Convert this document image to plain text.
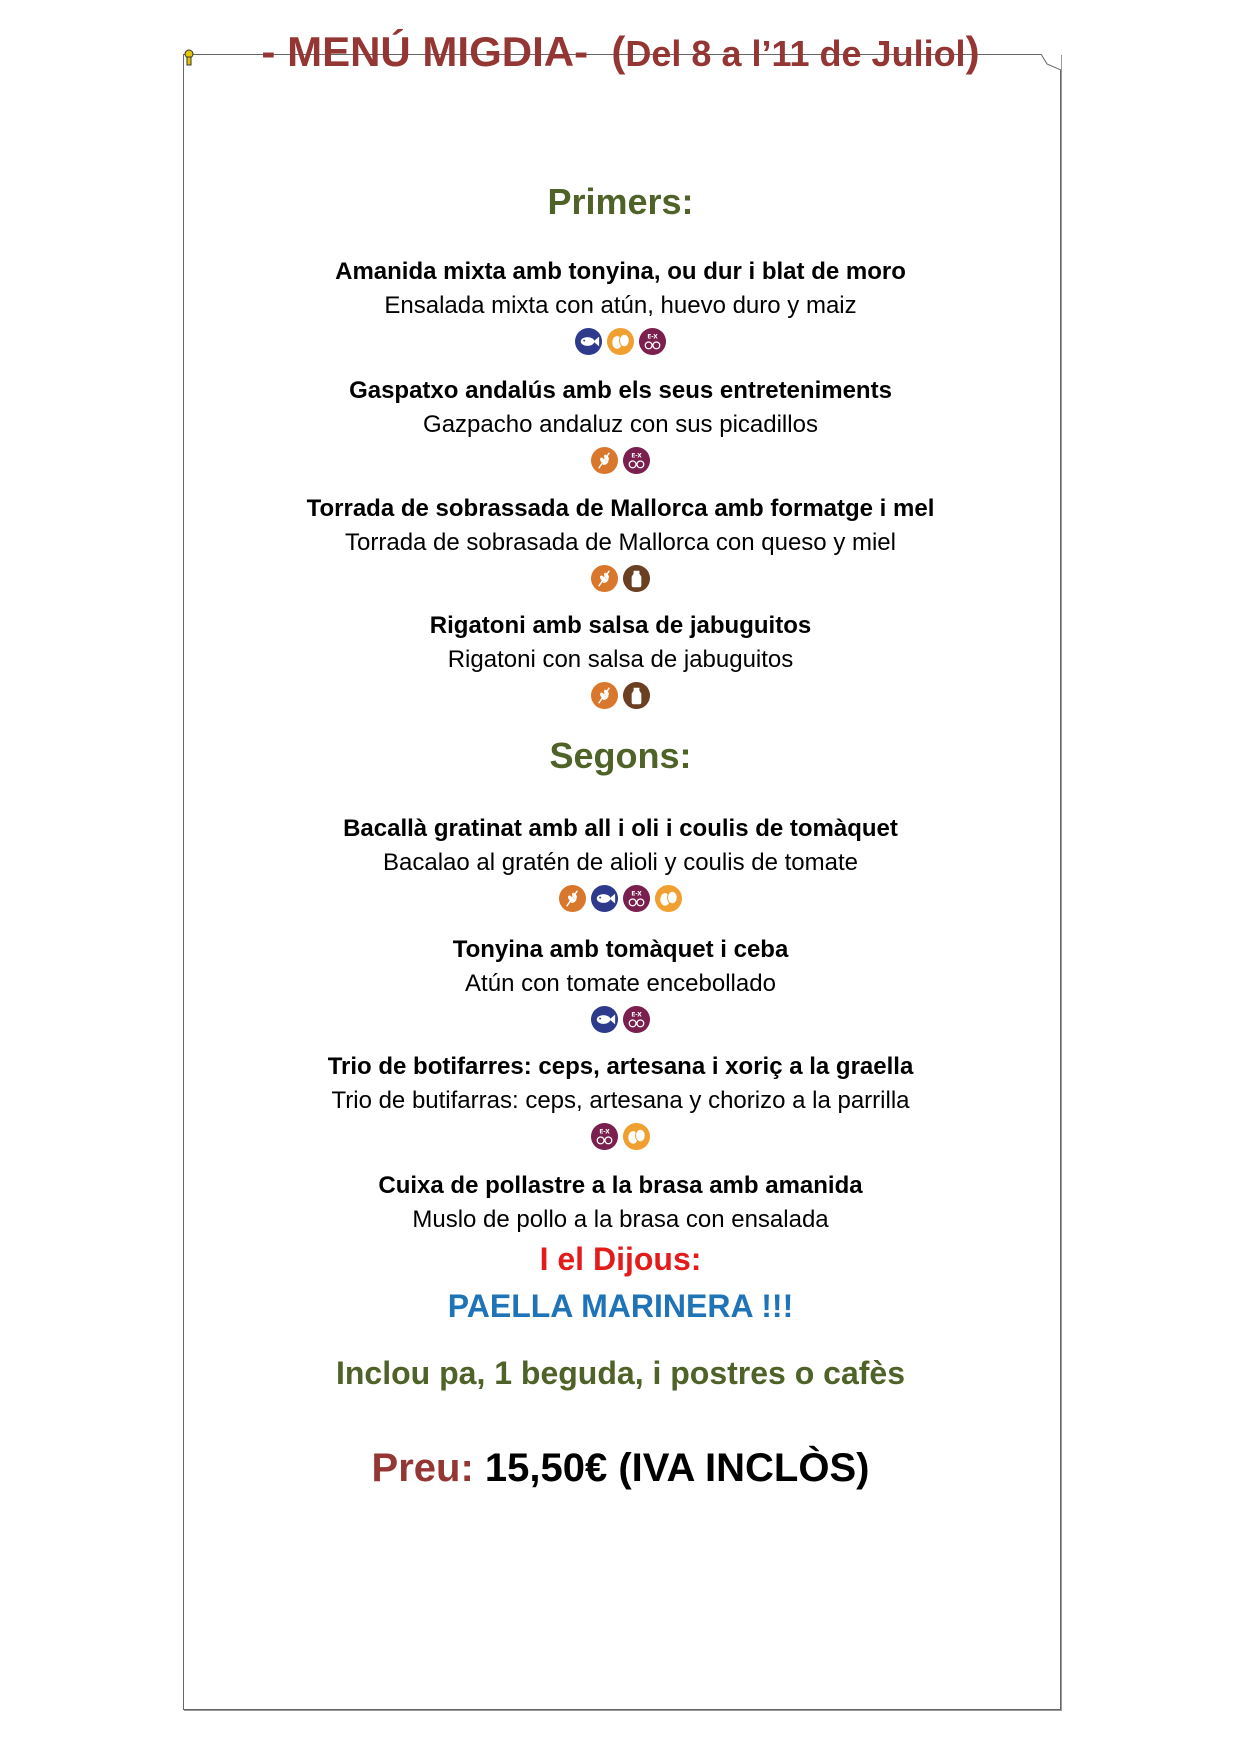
- MENÚ MIGDIA- (Del 8 a l’11 de Juliol)
Primers:
Amanida mixta amb tonyina, ou dur i blat de moro
Ensalada mixta con atún, huevo duro y maiz
E-X
Gaspatxo andalús amb els seus entreteniments
Gazpacho andaluz con sus picadillos
E-X
Torrada de sobrassada de Mallorca amb formatge i mel
Torrada de sobrasada de Mallorca con queso y miel
Rigatoni amb salsa de jabuguitos
Rigatoni con salsa de jabuguitos
Segons:
Bacallà gratinat amb all i oli i coulis de tomàquet
Bacalao al gratén de alioli y coulis de tomate
E-X
Tonyina amb tomàquet i ceba
Atún con tomate encebollado
E-X
Trio de botifarres: ceps, artesana i xoriç a la graella
Trio de butifarras: ceps, artesana y chorizo a la parrilla
E-X
Cuixa de pollastre a la brasa amb amanida
Muslo de pollo a la brasa con ensalada
I el Dijous:
PAELLA MARINERA !!!
Inclou pa, 1 beguda, i postres o cafès
Preu: 15,50€ (IVA INCLÒS)
